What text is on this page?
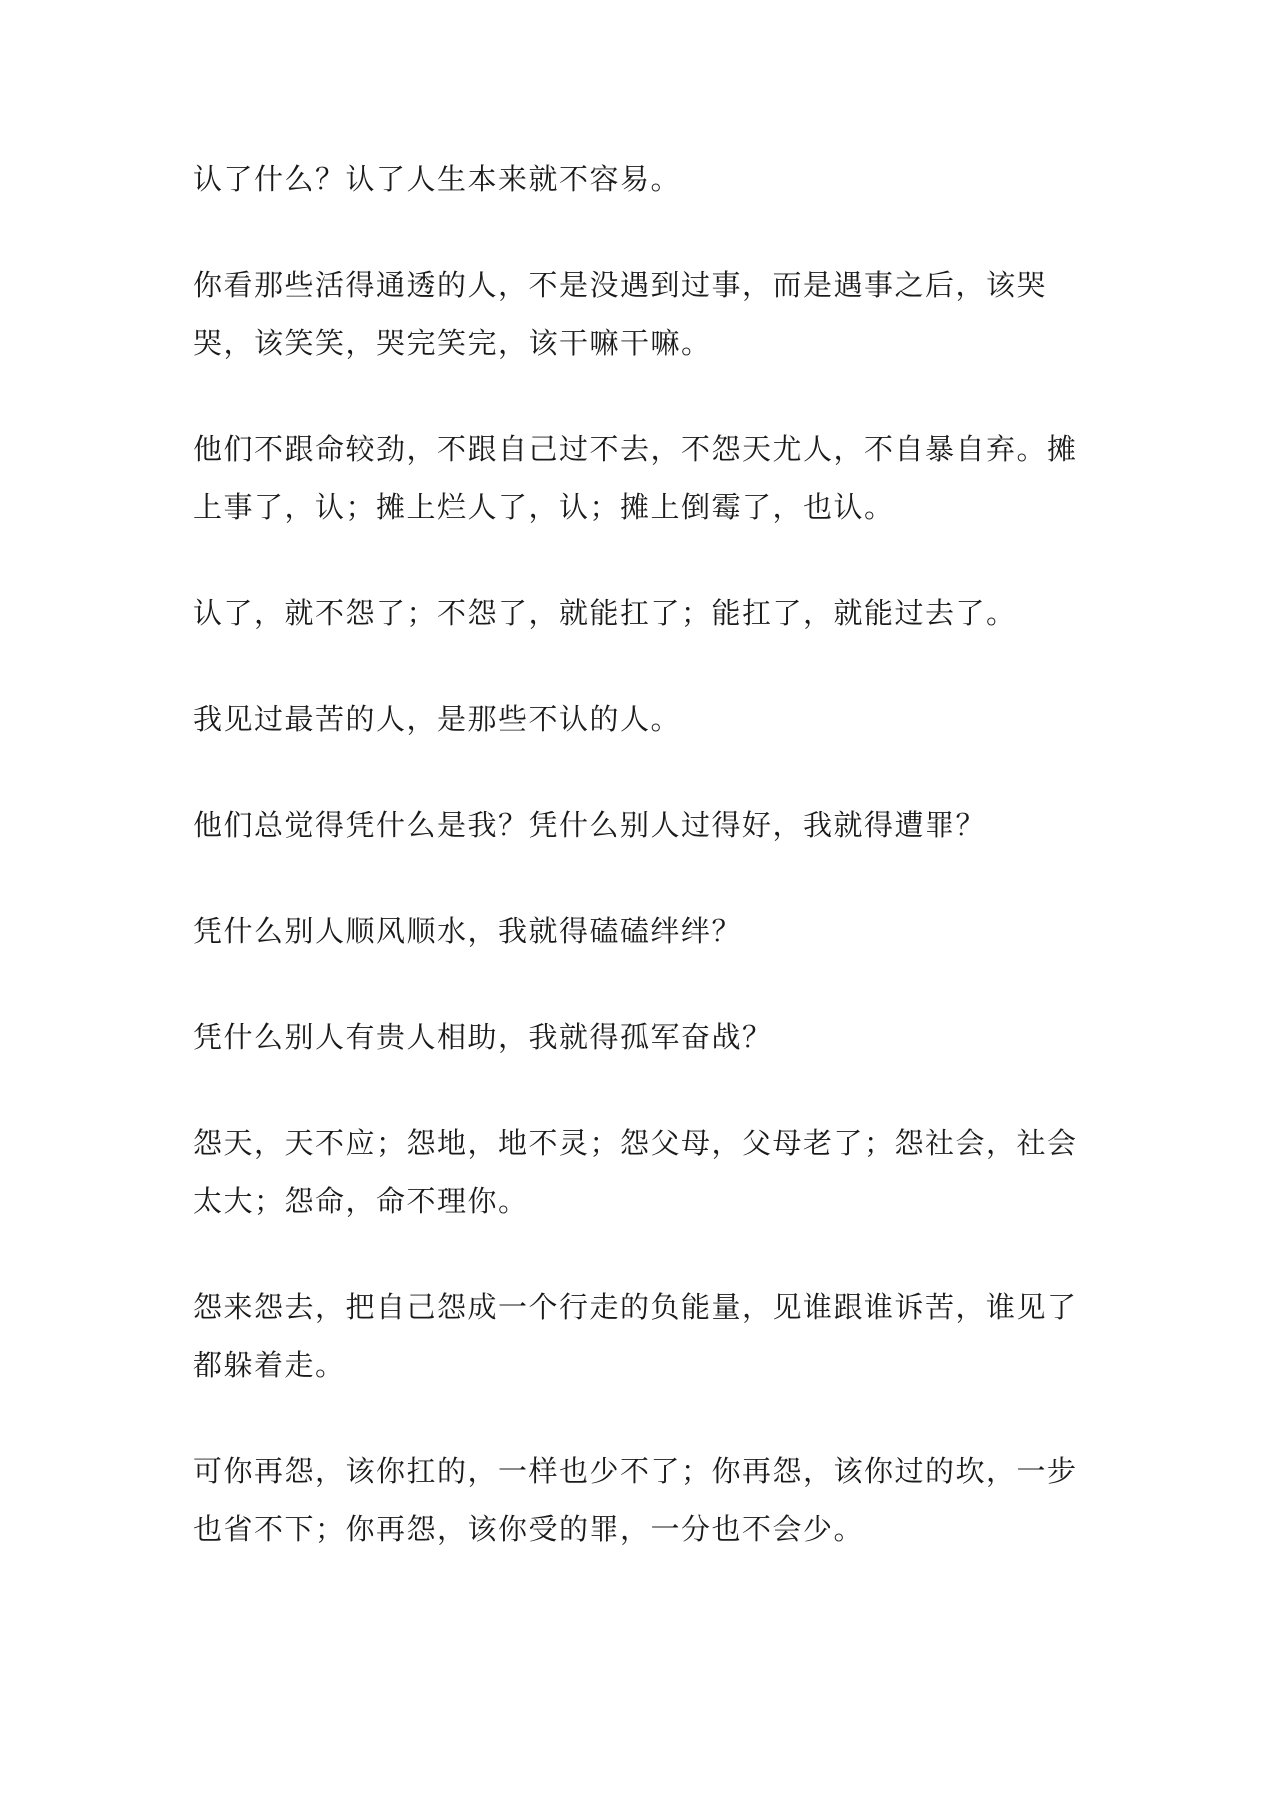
认了什么？认了人生本来就不容易。

你看那些活得通透的人，不是没遇到过事，而是遇事之后，该哭哭，该笑笑，哭完笑完，该干嘛干嘛。

他们不跟命较劲，不跟自己过不去，不怨天尤人，不自暴自弃。摊上事了，认；摊上烂人了，认；摊上倒霉了，也认。

认了，就不怨了；不怨了，就能扛了；能扛了，就能过去了。

我见过最苦的人，是那些不认的人。

他们总觉得凭什么是我？凭什么别人过得好，我就得遭罪？

凭什么别人顺风顺水，我就得磕磕绊绊？

凭什么别人有贵人相助，我就得孤军奋战？

怨天，天不应；怨地，地不灵；怨父母，父母老了；怨社会，社会太大；怨命，命不理你。

怨来怨去，把自己怨成一个行走的负能量，见谁跟谁诉苦，谁见了都躲着走。

可你再怨，该你扛的，一样也少不了；你再怨，该你过的坎，一步也省不下；你再怨，该你受的罪，一分也不会少。
